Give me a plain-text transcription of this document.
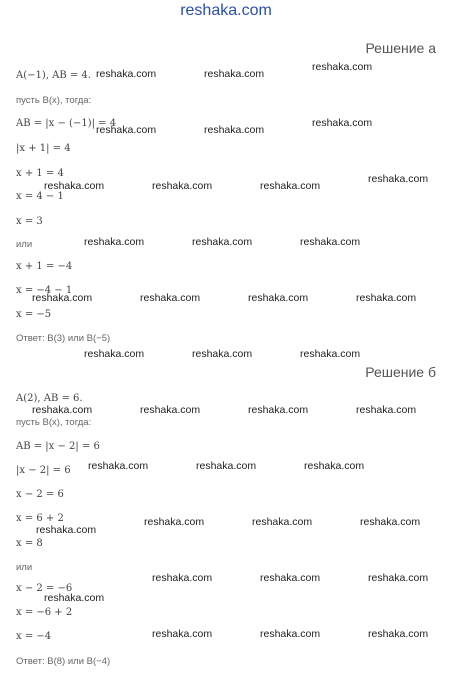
reshaka.com
Решение а
A(−1), AB = 4.
пусть B(x), тогда:
AB = |x − (−1)| = 4
|x + 1| = 4
x + 1 = 4
x = 4 − 1
x = 3
или
x + 1 = −4
x = −4 − 1
x = −5
Ответ: B(3) или B(−5)
Решение б
A(2), AB = 6.
пусть B(x), тогда:
AB = |x − 2| = 6
|x − 2| = 6
x − 2 = 6
x = 6 + 2
x = 8
или
x − 2 = −6
x = −6 + 2
x = −4
Ответ: B(8) или B(−4)
reshaka.com	reshaka.com
reshaka.com
reshaka.com	reshaka.com
reshaka.com
reshaka.com	reshaka.com	reshaka.com
reshaka.com
reshaka.com	reshaka.com	reshaka.com
reshaka.com	reshaka.com	reshaka.com	reshaka.com
reshaka.com	reshaka.com	reshaka.com
reshaka.com	reshaka.com	reshaka.com	reshaka.com
reshaka.com	reshaka.com	reshaka.com
reshaka.com
reshaka.com	reshaka.com	reshaka.com
reshaka.com	reshaka.com	reshaka.com
reshaka.com
reshaka.com	reshaka.com	reshaka.com
